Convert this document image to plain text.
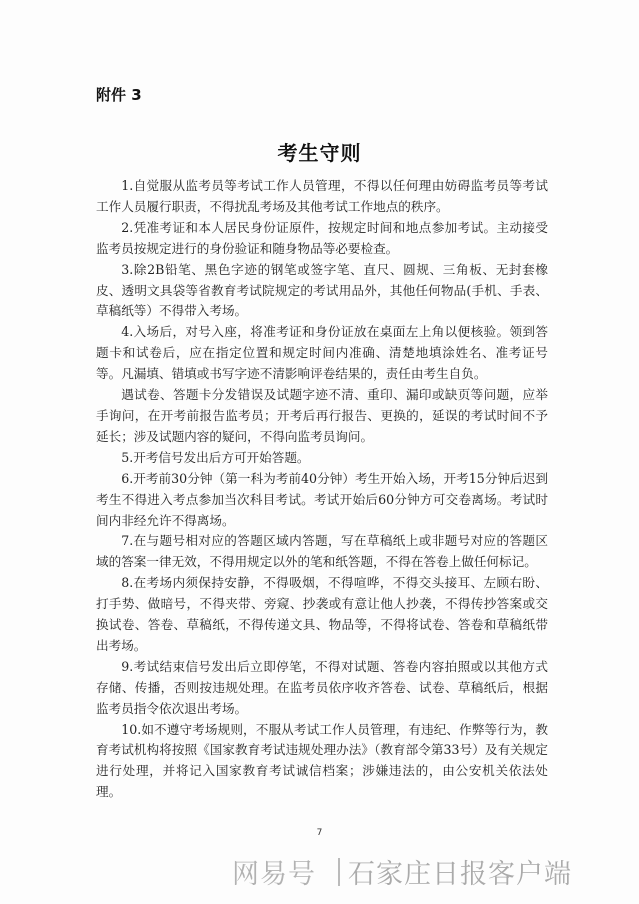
附件 3
考生守则

1.自觉服从监考员等考试工作人员管理，不得以任何理由妨碍监考员等考试工作人员履行职责，不得扰乱考场及其他考试工作地点的秩序。

2.凭准考证和本人居民身份证原件，按规定时间和地点参加考试。主动接受监考员按规定进行的身份验证和随身物品等必要检查。

3.除2B铅笔、黑色字迹的钢笔或签字笔、直尺、圆规、三角板、无封套橡皮、透明文具袋等省教育考试院规定的考试用品外，其他任何物品(手机、手表、草稿纸等）不得带入考场。

4.入场后，对号入座，将准考证和身份证放在桌面左上角以便核验。领到答题卡和试卷后，应在指定位置和规定时间内准确、清楚地填涂姓名、准考证号等。凡漏填、错填或书写字迹不清影响评卷结果的，责任由考生自负。

遇试卷、答题卡分发错误及试题字迹不清、重印、漏印或缺页等问题，应举手询问，在开考前报告监考员；开考后再行报告、更换的，延误的考试时间不予延长；涉及试题内容的疑问，不得向监考员询问。

5.开考信号发出后方可开始答题。

6.开考前30分钟（第一科为考前40分钟）考生开始入场，开考15分钟后迟到考生不得进入考点参加当次科目考试。考试开始后60分钟方可交卷离场。考试时间内非经允许不得离场。

7.在与题号相对应的答题区域内答题，写在草稿纸上或非题号对应的答题区域的答案一律无效，不得用规定以外的笔和纸答题，不得在答卷上做任何标记。

8.在考场内须保持安静，不得吸烟，不得喧哗，不得交头接耳、左顾右盼、打手势、做暗号，不得夹带、旁窥、抄袭或有意让他人抄袭，不得传抄答案或交换试卷、答卷、草稿纸，不得传递文具、物品等，不得将试卷、答卷和草稿纸带出考场。

9.考试结束信号发出后立即停笔，不得对试题、答卷内容拍照或以其他方式存储、传播，否则按违规处理。在监考员依序收齐答卷、试卷、草稿纸后，根据监考员指令依次退出考场。

10.如不遵守考场规则，不服从考试工作人员管理，有违纪、作弊等行为，教育考试机构将按照《国家教育考试违规处理办法》（教育部令第33号）及有关规定进行处理，并将记入国家教育考试诚信档案；涉嫌违法的，由公安机关依法处理。

7
网易号 石家庄日报客户端
